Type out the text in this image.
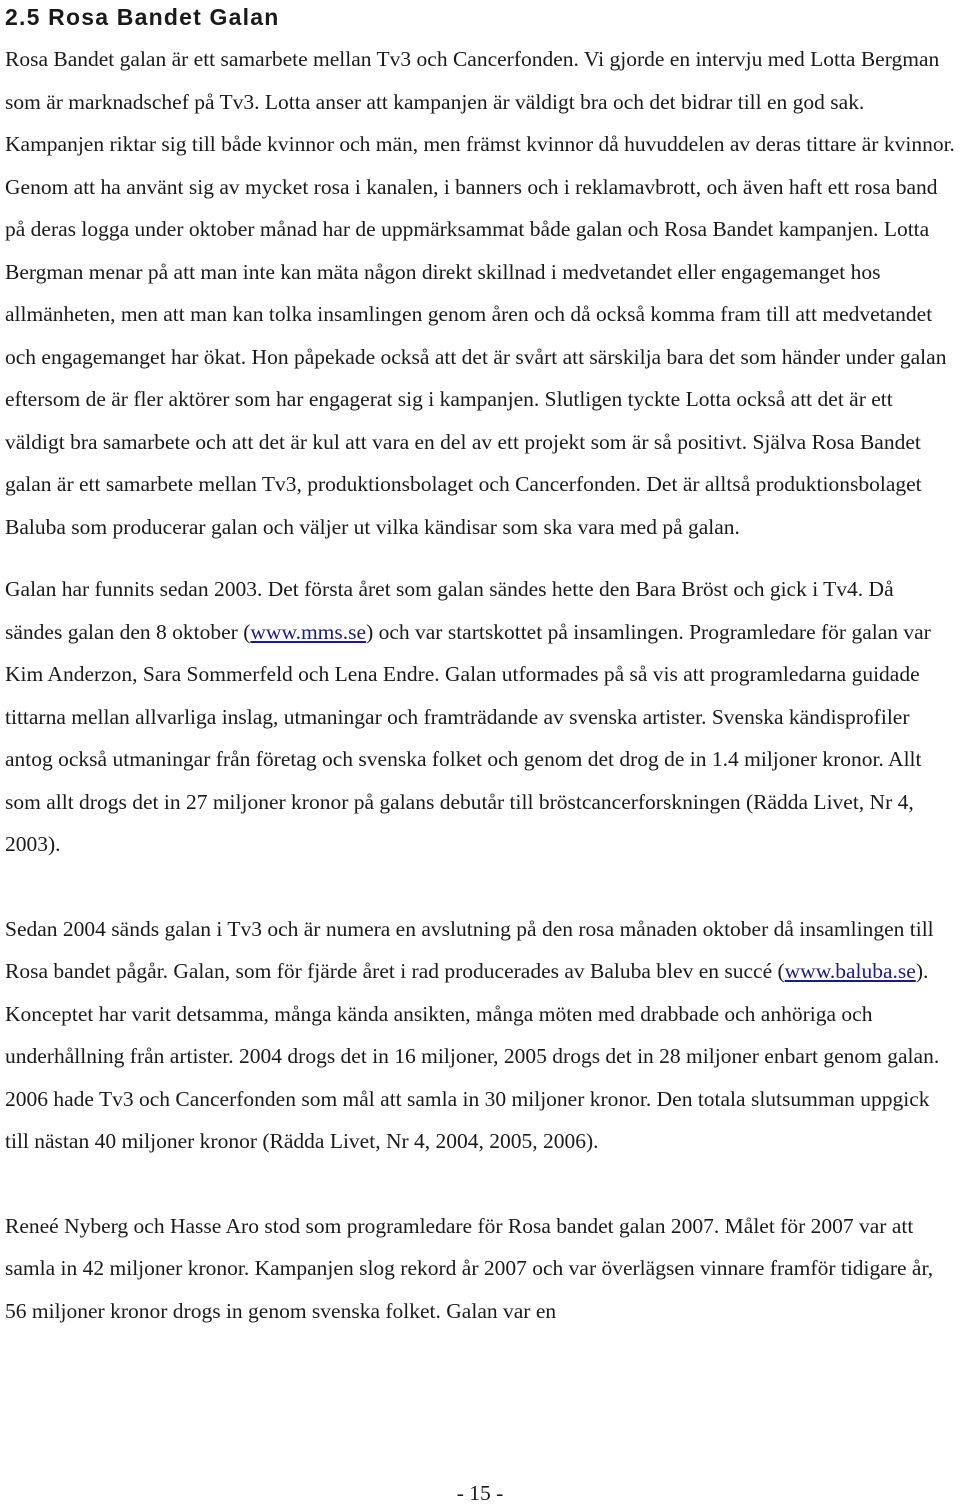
2.5 Rosa Bandet Galan

Rosa Bandet galan är ett samarbete mellan Tv3 och Cancerfonden. Vi gjorde en intervju med Lotta Bergman som är marknadschef på Tv3. Lotta anser att kampanjen är väldigt bra och det bidrar till en god sak. Kampanjen riktar sig till både kvinnor och män, men främst kvinnor då huvuddelen av deras tittare är kvinnor. Genom att ha använt sig av mycket rosa i kanalen, i banners och i reklamavbrott, och även haft ett rosa band på deras logga under oktober månad har de uppmärksammat både galan och Rosa Bandet kampanjen. Lotta Bergman menar på att man inte kan mäta någon direkt skillnad i medvetandet eller engagemanget hos allmänheten, men att man kan tolka insamlingen genom åren och då också komma fram till att medvetandet och engagemanget har ökat. Hon påpekade också att det är svårt att särskilja bara det som händer under galan eftersom de är fler aktörer som har engagerat sig i kampanjen. Slutligen tyckte Lotta också att det är ett väldigt bra samarbete och att det är kul att vara en del av ett projekt som är så positivt. Själva Rosa Bandet galan är ett samarbete mellan Tv3, produktionsbolaget och Cancerfonden. Det är alltså produktionsbolaget Baluba som producerar galan och väljer ut vilka kändisar som ska vara med på galan.

Galan har funnits sedan 2003. Det första året som galan sändes hette den Bara Bröst och gick i Tv4. Då sändes galan den 8 oktober (www.mms.se) och var startskottet på insamlingen. Programledare för galan var Kim Anderzon, Sara Sommerfeld och Lena Endre. Galan utformades på så vis att programledarna guidade tittarna mellan allvarliga inslag, utmaningar och framträdande av svenska artister. Svenska kändisprofiler antog också utmaningar från företag och svenska folket och genom det drog de in 1.4 miljoner kronor. Allt som allt drogs det in 27 miljoner kronor på galans debutår till bröstcancerforskningen (Rädda Livet, Nr 4, 2003).

Sedan 2004 sänds galan i Tv3 och är numera en avslutning på den rosa månaden oktober då insamlingen till Rosa bandet pågår. Galan, som för fjärde året i rad producerades av Baluba blev en succé (www.baluba.se). Konceptet har varit detsamma, många kända ansikten, många möten med drabbade och anhöriga och underhållning från artister. 2004 drogs det in 16 miljoner, 2005 drogs det in 28 miljoner enbart genom galan. 2006 hade Tv3 och Cancerfonden som mål att samla in 30 miljoner kronor. Den totala slutsumman uppgick till nästan 40 miljoner kronor (Rädda Livet, Nr 4, 2004, 2005, 2006).

Reneé Nyberg och Hasse Aro stod som programledare för Rosa bandet galan 2007. Målet för 2007 var att samla in 42 miljoner kronor. Kampanjen slog rekord år 2007 och var överlägsen vinnare framför tidigare år, 56 miljoner kronor drogs in genom svenska folket. Galan var en

- 15 -
